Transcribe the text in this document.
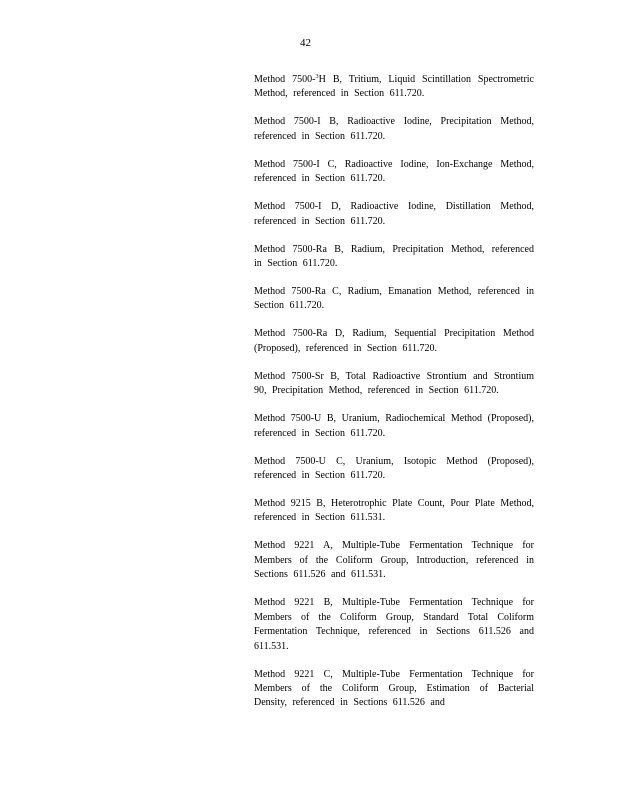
42

Method 7500-$^3$H B, Tritium, Liquid Scintillation Spectrometric Method, referenced in Section 611.720.

Method 7500-I B, Radioactive Iodine, Precipitation Method, referenced in Section 611.720.

Method 7500-I C, Radioactive Iodine, Ion-Exchange Method, referenced in Section 611.720.

Method 7500-I D, Radioactive Iodine, Distillation Method, referenced in Section 611.720.

Method 7500-Ra B, Radium, Precipitation Method, referenced in Section 611.720.

Method 7500-Ra C, Radium, Emanation Method, referenced in Section 611.720.

Method 7500-Ra D, Radium, Sequential Precipitation Method (Proposed), referenced in Section 611.720.

Method 7500-Sr B, Total Radioactive Strontium and Strontium 90, Precipitation Method, referenced in Section 611.720.

Method 7500-U B, Uranium, Radiochemical Method (Proposed), referenced in Section 611.720.

Method 7500-U C, Uranium, Isotopic Method (Proposed), referenced in Section 611.720.

Method 9215 B, Heterotrophic Plate Count, Pour Plate Method, referenced in Section 611.531.

Method 9221 A, Multiple-Tube Fermentation Technique for Members of the Coliform Group, Introduction, referenced in Sections 611.526 and 611.531.

Method 9221 B, Multiple-Tube Fermentation Technique for Members of the Coliform Group, Standard Total Coliform Fermentation Technique, referenced in Sections 611.526 and 611.531.

Method 9221 C, Multiple-Tube Fermentation Technique for Members of the Coliform Group, Estimation of Bacterial Density, referenced in Sections 611.526 and
